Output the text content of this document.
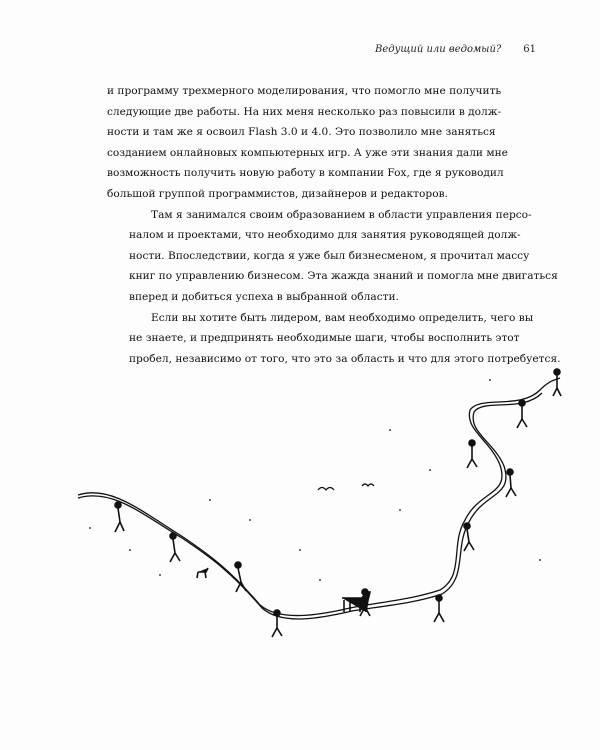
Ведущий или ведомый? 61

и программу трехмерного моделирования, что помогло мне получить
следующие две работы. На них меня несколько раз повысили в долж-
ности и там же я освоил Flash 3.0 и 4.0. Это позволило мне заняться
созданием онлайновых компьютерных игр. А уже эти знания дали мне
возможность получить новую работу в компании Fox, где я руководил
большой группой программистов, дизайнеров и редакторов.

Там я занимался своим образованием в области управления персо-
налом и проектами, что необходимо для занятия руководящей долж-
ности. Впоследствии, когда я уже был бизнесменом, я прочитал массу
книг по управлению бизнесом. Эта жажда знаний и помогла мне двигаться
вперед и добиться успеха в выбранной области.

Если вы хотите быть лидером, вам необходимо определить, чего вы
не знаете, и предпринять необходимые шаги, чтобы восполнить этот
пробел, независимо от того, что это за область и что для этого потребуется.
